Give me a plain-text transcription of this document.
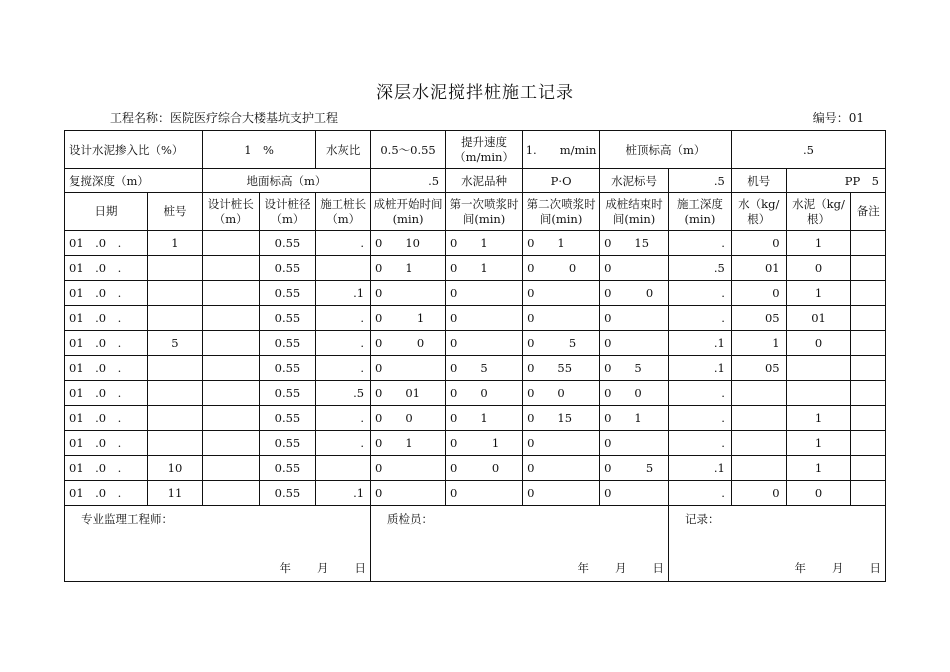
深层水泥搅拌桩施工记录
工程名称：医院医疗综合大楼基坑支护工程	编号：01
设计水泥掺入比（%）		1　%		水灰比	0.5～0.55	提升速度（m/min）	1.　　m/min	桩顶标高（m）		.5		
复搅深度（m）		地面标高（m）			.5	水泥品种	P·O	水泥标号	.5	机号	PP　5	
日期	桩号	设计桩长（m）	设计桩径（m）	施工桩长（m）	成桩开始时间(min)	第一次喷浆时间(min)	第二次喷浆时间(min)	成桩结束时间(min)	施工深度(min)	水（kg/根）	水泥（kg/根）	备注
01　.0　.	1		0.55	.	0　　10	0　　1	0　　1	0　　15	.	0	1	
01　.0　.			0.55		0　　1	0　　1	0　　　0	0	.5	01	0	
01　.0　.			0.55	.1	0	0	0	0　　　0	.	0	1	
01　.0　.			0.55	.	0　　　1	0	0	0	.	05	01	
01　.0　.	5		0.55	.	0　　　0	0	0　　　5	0	.1	1	0	
01　.0　.			0.55	.	0	0　　5	0　　55	0　　5	.1	05		
01　.0　.			0.55	.5	0　　01	0　　0	0　　0	0　　0	.			
01　.0　.			0.55	.	0　　0	0　　1	0　　15	0　　1	.		1	
01　.0　.			0.55	.	0　　1	0　　　1	0	0	.		1	
01　.0　.	10		0.55		0	0　　　0	0	0　　　5	.1		1	
01　.0　.	11		0.55	.1	0	0	0	0	.	0	0	

专业监理工程师：
年 月 日					质检员：
年 月 日				记录：
年 月 日			
